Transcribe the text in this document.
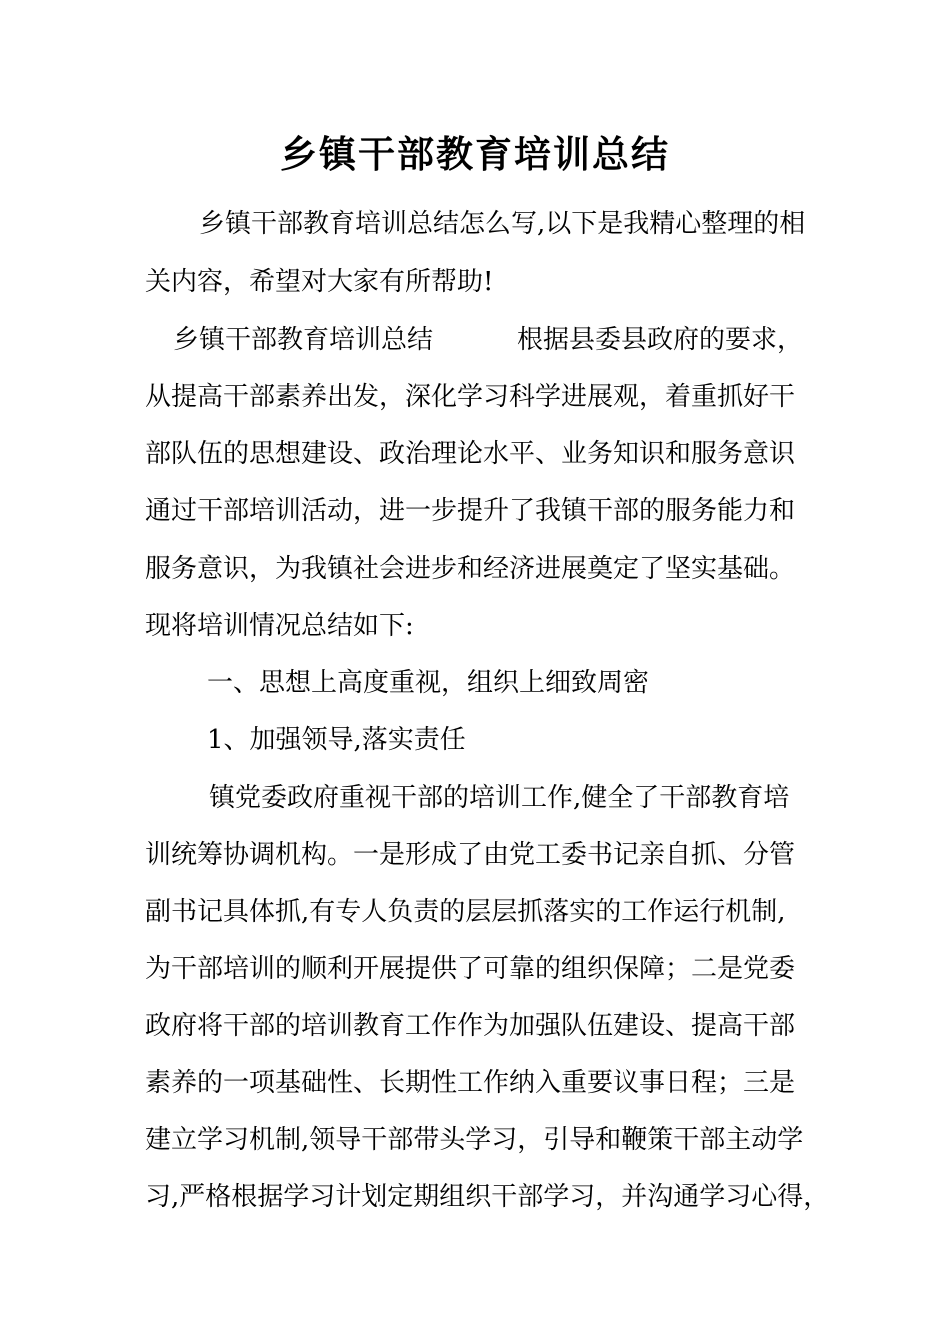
乡镇干部教育培训总结
乡镇干部教育培训总结怎么写,以下是我精心整理的相
关内容，希望对大家有所帮助!
乡镇干部教育培训总结	根据县委县政府的要求，
从提高干部素养出发，深化学习科学进展观，着重抓好干
部队伍的思想建设、政治理论水平、业务知识和服务意识
通过干部培训活动，进一步提升了我镇干部的服务能力和
服务意识，为我镇社会进步和经济进展奠定了坚实基础。
现将培训情况总结如下:
一、思想上高度重视，组织上细致周密
1、加强领导,落实责任
镇党委政府重视干部的培训工作,健全了干部教育培
训统筹协调机构。一是形成了由党工委书记亲自抓、分管
副书记具体抓,有专人负责的层层抓落实的工作运行机制,
为干部培训的顺利开展提供了可靠的组织保障；二是党委
政府将干部的培训教育工作作为加强队伍建设、提高干部
素养的一项基础性、长期性工作纳入重要议事日程；三是
建立学习机制,领导干部带头学习，引导和鞭策干部主动学
习,严格根据学习计划定期组织干部学习，并沟通学习心得，
